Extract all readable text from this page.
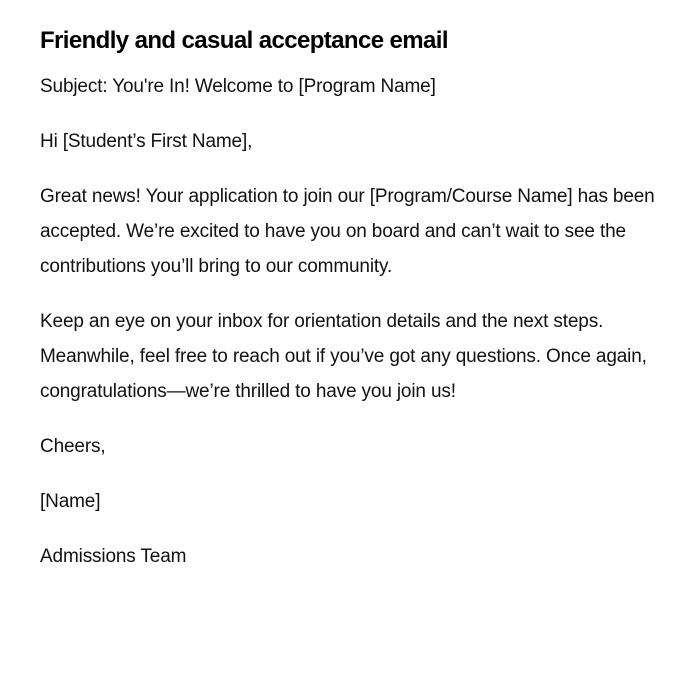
Friendly and casual acceptance email

Subject: You're In! Welcome to [Program Name]

Hi [Student’s First Name],

Great news! Your application to join our [Program/Course Name] has been accepted. We’re excited to have you on board and can’t wait to see the contributions you’ll bring to our community.

Keep an eye on your inbox for orientation details and the next steps. Meanwhile, feel free to reach out if you’ve got any questions. Once again, congratulations—we’re thrilled to have you join us!

Cheers,

[Name]

Admissions Team
